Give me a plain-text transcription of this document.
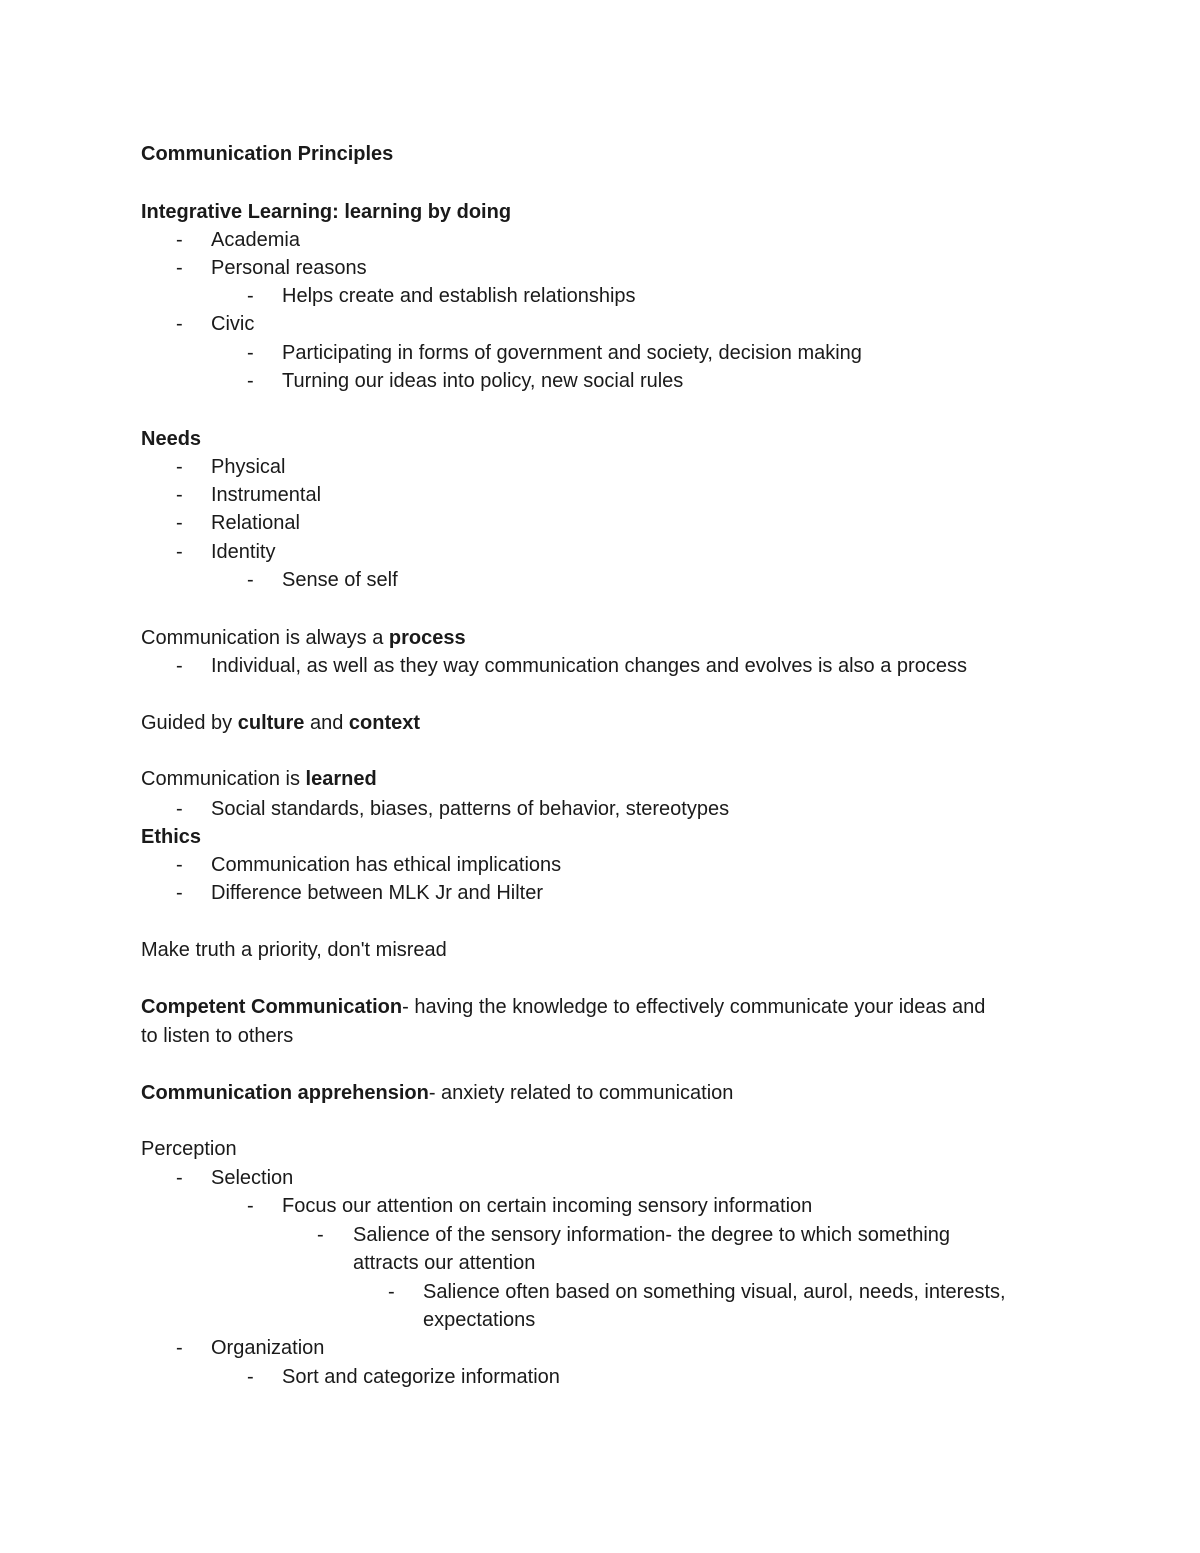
Communication Principles
Integrative Learning: learning by doing
- Academia
- Personal reasons
- Helps create and establish relationships
- Civic
- Participating in forms of government and society, decision making
- Turning our ideas into policy, new social rules
Needs
- Physical
- Instrumental
- Relational
- Identity
- Sense of self
Communication is always a process
- Individual, as well as they way communication changes and evolves is also a process
Guided by culture and context
Communication is learned
- Social standards, biases, patterns of behavior, stereotypes
Ethics
- Communication has ethical implications
- Difference between MLK Jr and Hilter
Make truth a priority, don't misread
Competent Communication- having the knowledge to effectively communicate your ideas and
to listen to others
Communication apprehension- anxiety related to communication
Perception
- Selection
- Focus our attention on certain incoming sensory information
- Salience of the sensory information- the degree to which something
attracts our attention
- Salience often based on something visual, aurol, needs, interests,
expectations
- Organization
- Sort and categorize information
